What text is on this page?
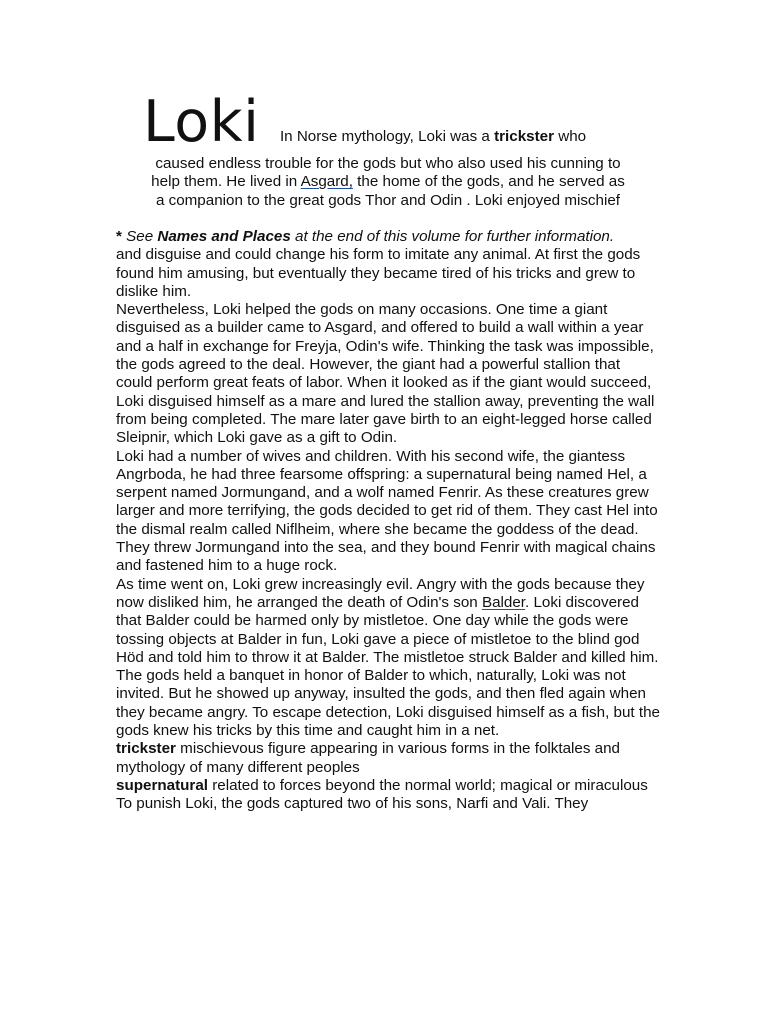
Loki In Norse mythology, Loki was a trickster who
caused endless trouble for the gods but who also used his cunning to
help them. He lived in Asgard, the home of the gods, and he served as
a companion to the great gods Thor and Odin . Loki enjoyed mischief

* See Names and Places at the end of this volume for further information.

and disguise and could change his form to imitate any animal. At first the gods found him amusing, but eventually they became tired of his tricks and grew to dislike him.

Nevertheless, Loki helped the gods on many occasions. One time a giant disguised as a builder came to Asgard, and offered to build a wall within a year and a half in exchange for Freyja, Odin's wife. Thinking the task was impossible, the gods agreed to the deal. However, the giant had a powerful stallion that could perform great feats of labor. When it looked as if the giant would succeed, Loki disguised himself as a mare and lured the stallion away, preventing the wall from being completed. The mare later gave birth to an eight-legged horse called Sleipnir, which Loki gave as a gift to Odin.

Loki had a number of wives and children. With his second wife, the giantess Angrboda, he had three fearsome offspring: a supernatural being named Hel, a serpent named Jormungand, and a wolf named Fenrir. As these creatures grew larger and more terrifying, the gods decided to get rid of them. They cast Hel into the dismal realm called Niflheim, where she became the goddess of the dead. They threw Jormungand into the sea, and they bound Fenrir with magical chains and fastened him to a huge rock.

As time went on, Loki grew increasingly evil. Angry with the gods because they now disliked him, he arranged the death of Odin's son Balder. Loki discovered that Balder could be harmed only by mistletoe. One day while the gods were tossing objects at Balder in fun, Loki gave a piece of mistletoe to the blind god Höd and told him to throw it at Balder. The mistletoe struck Balder and killed him.

The gods held a banquet in honor of Balder to which, naturally, Loki was not invited. But he showed up anyway, insulted the gods, and then fled again when they became angry. To escape detection, Loki disguised himself as a fish, but the gods knew his tricks by this time and caught him in a net.

trickster mischievous figure appearing in various forms in the folktales and mythology of many different peoples

supernatural related to forces beyond the normal world; magical or miraculous

To punish Loki, the gods captured two of his sons, Narfi and Vali. They
